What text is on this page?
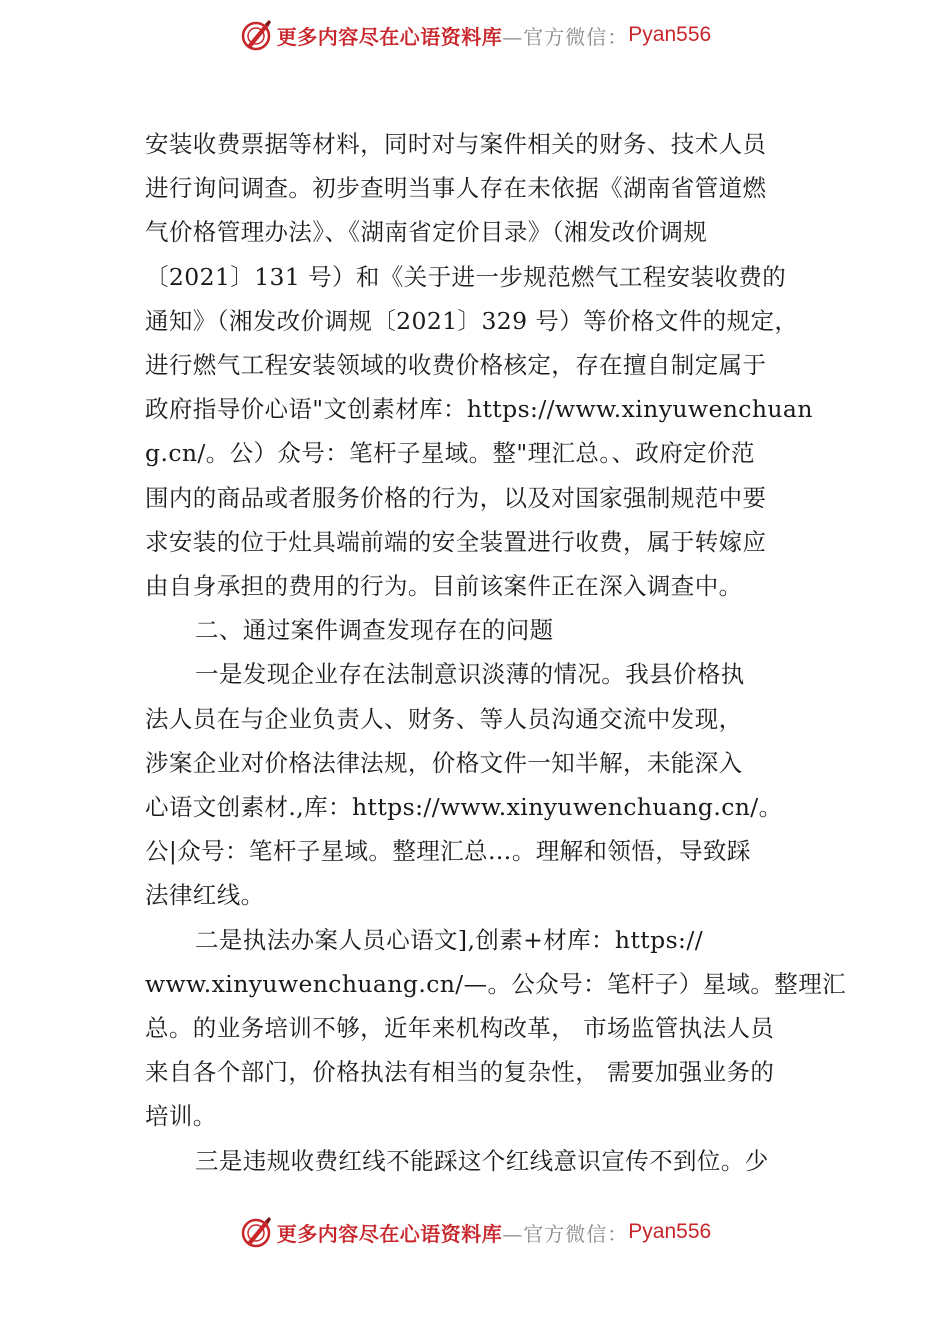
更多内容尽在心语资料库 —官方微信： Pyan556

安装收费票据等材料，同时对与案件相关的财务、技术人员

进行询问调查。初步查明当事人存在未依据《湖南省管道燃

气价格管理办法》、《湖南省定价目录》（湘发改价调规

〔2021〕131 号）和《关于进一步规范燃气工程安装收费的

通知》（湘发改价调规〔2021〕329 号）等价格文件的规定，

进行燃气工程安装领域的收费价格核定，存在擅自制定属于

政府指导价心语"文创素材库：https://www.xinyuwenchuan

g.cn/。公）众号：笔杆子星域。整"理汇总。、政府定价范

围内的商品或者服务价格的行为，以及对国家强制规范中要

求安装的位于灶具端前端的安全装置进行收费，属于转嫁应

由自身承担的费用的行为。目前该案件正在深入调查中。

二、通过案件调查发现存在的问题

一是发现企业存在法制意识淡薄的情况。我县价格执

法人员在与企业负责人、财务、等人员沟通交流中发现，

涉案企业对价格法律法规，价格文件一知半解，未能深入

心语文创素材.,库：https://www.xinyuwenchuang.cn/。

公|众号：笔杆子星域。整理汇总…。理解和领悟，导致踩

法律红线。

二是执法办案人员心语文],创素+材库：https://

www.xinyuwenchuang.cn/—。公众号：笔杆子）星域。整理汇

总。的业务培训不够，近年来机构改革， 市场监管执法人员

来自各个部门，价格执法有相当的复杂性， 需要加强业务的

培训。

三是违规收费红线不能踩这个红线意识宣传不到位。少

更多内容尽在心语资料库 —官方微信： Pyan556
